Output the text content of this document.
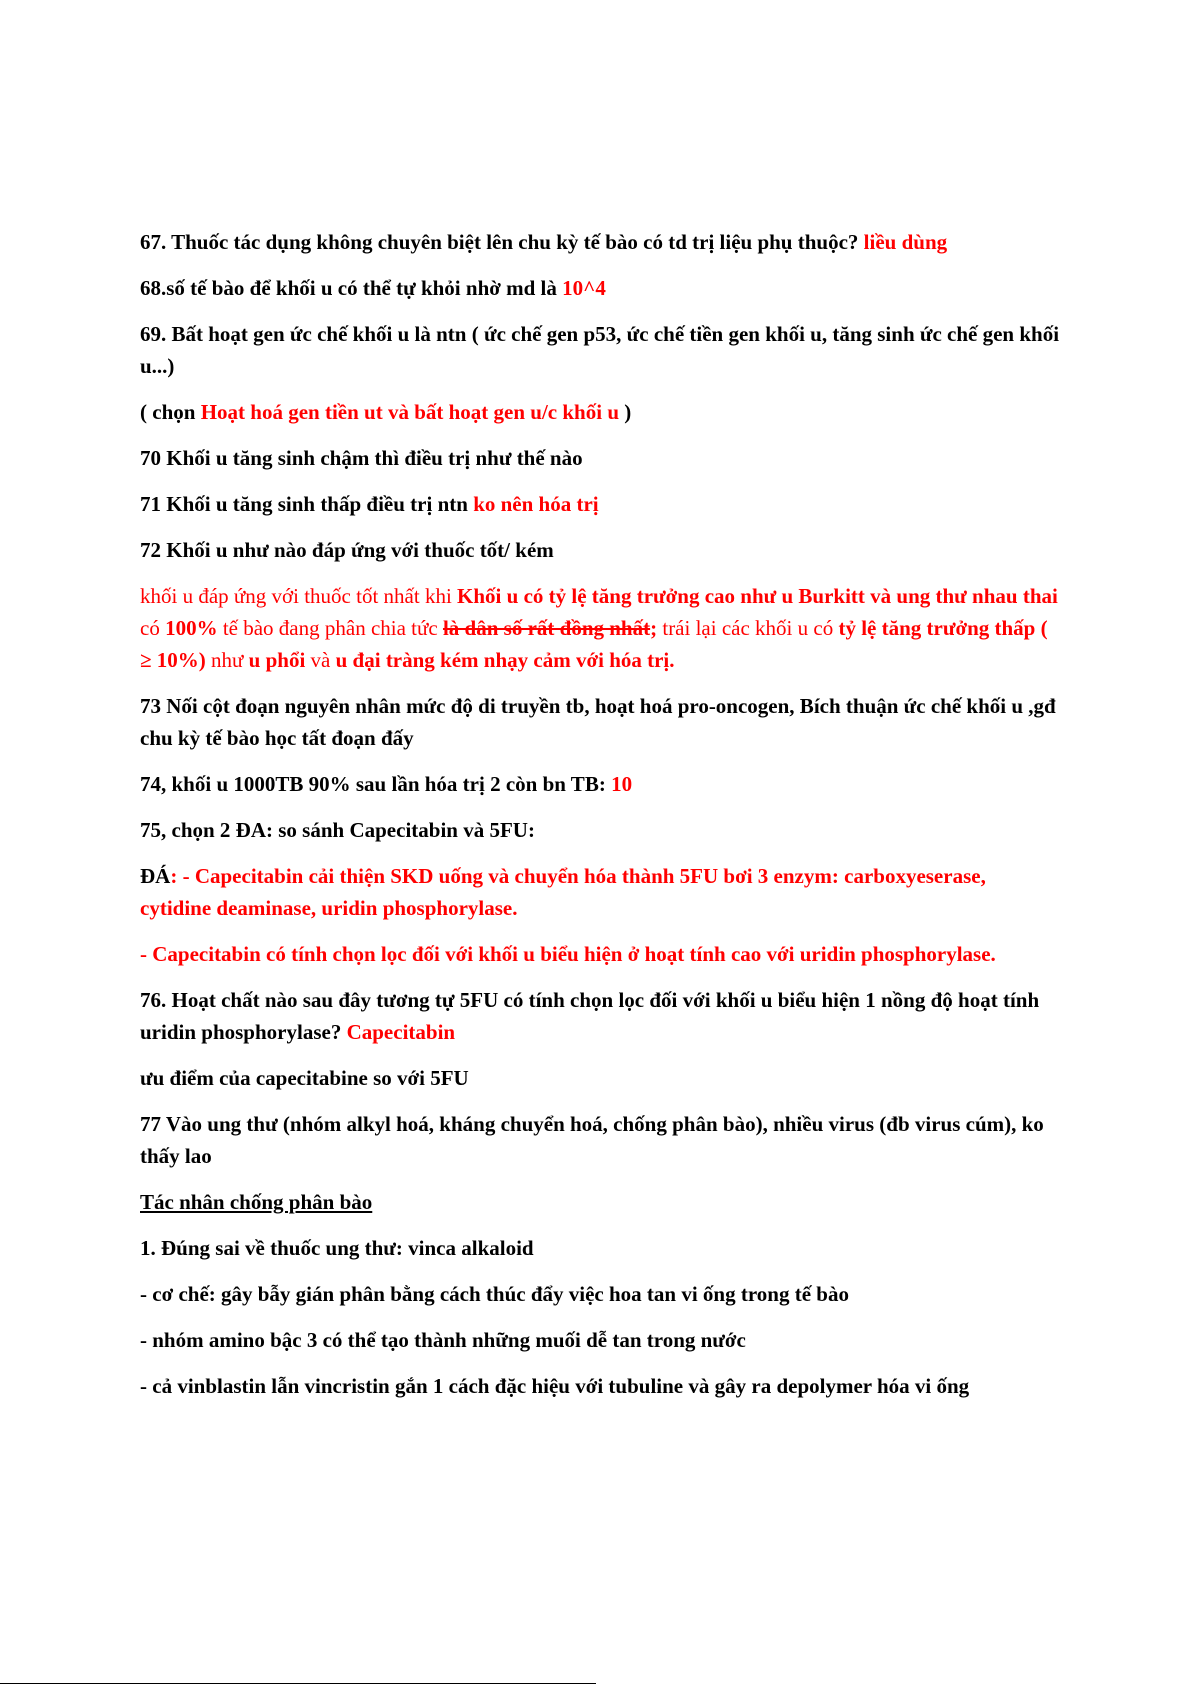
67. Thuốc tác dụng không chuyên biệt lên chu kỳ tế bào có td trị liệu phụ thuộc? liều dùng

68.số tế bào để khối u có thể tự khỏi nhờ md là 10^4

69. Bất hoạt gen ức chế khối u là ntn ( ức chế gen p53, ức chế tiền gen khối u, tăng sinh ức chế gen khối u...)

( chọn Hoạt hoá gen tiền ut và bất hoạt gen u/c khối u )

70 Khối u tăng sinh chậm thì điều trị như thế nào

71 Khối u tăng sinh thấp điều trị ntn ko nên hóa trị

72 Khối u như nào đáp ứng với thuốc tốt/ kém

khối u đáp ứng với thuốc tốt nhất khi Khối u có tỷ lệ tăng trưởng cao như u Burkitt và ung thư nhau thai có 100% tế bào đang phân chia tức là dân số rất đồng nhất; trái lại các khối u có tỷ lệ tăng trưởng thấp ( ≥ 10%) như u phổi và u đại tràng kém nhạy cảm với hóa trị.

73 Nối cột đoạn nguyên nhân mức độ di truyền tb, hoạt hoá pro-oncogen, Bích thuận ức chế khối u ,gđ chu kỳ tế bào học tất đoạn đấy

74, khối u 1000TB 90% sau lần hóa trị 2 còn bn TB: 10

75, chọn 2 ĐA: so sánh Capecitabin và 5FU:

ĐÁ: - Capecitabin cải thiện SKD uống và chuyển hóa thành 5FU bơi 3 enzym: carboxyeserase, cytidine deaminase, uridin phosphorylase.

- Capecitabin có tính chọn lọc đối với khối u biểu hiện ở hoạt tính cao với uridin phosphorylase.

76. Hoạt chất nào sau đây tương tự 5FU có tính chọn lọc đối với khối u biểu hiện 1 nồng độ hoạt tính uridin phosphorylase? Capecitabin

ưu điểm của capecitabine so với 5FU

77 Vào ung thư (nhóm alkyl hoá, kháng chuyển hoá, chống phân bào), nhiều virus (đb virus cúm), ko thấy lao

Tác nhân chống phân bào

1. Đúng sai về thuốc ung thư: vinca alkaloid

- cơ chế: gây bẫy gián phân bằng cách thúc đẩy việc hoa tan vi ống trong tế bào

- nhóm amino bậc 3 có thể tạo thành những muối dễ tan trong nước

- cả vinblastin lẫn vincristin gắn 1 cách đặc hiệu với tubuline và gây ra depolymer hóa vi ống
